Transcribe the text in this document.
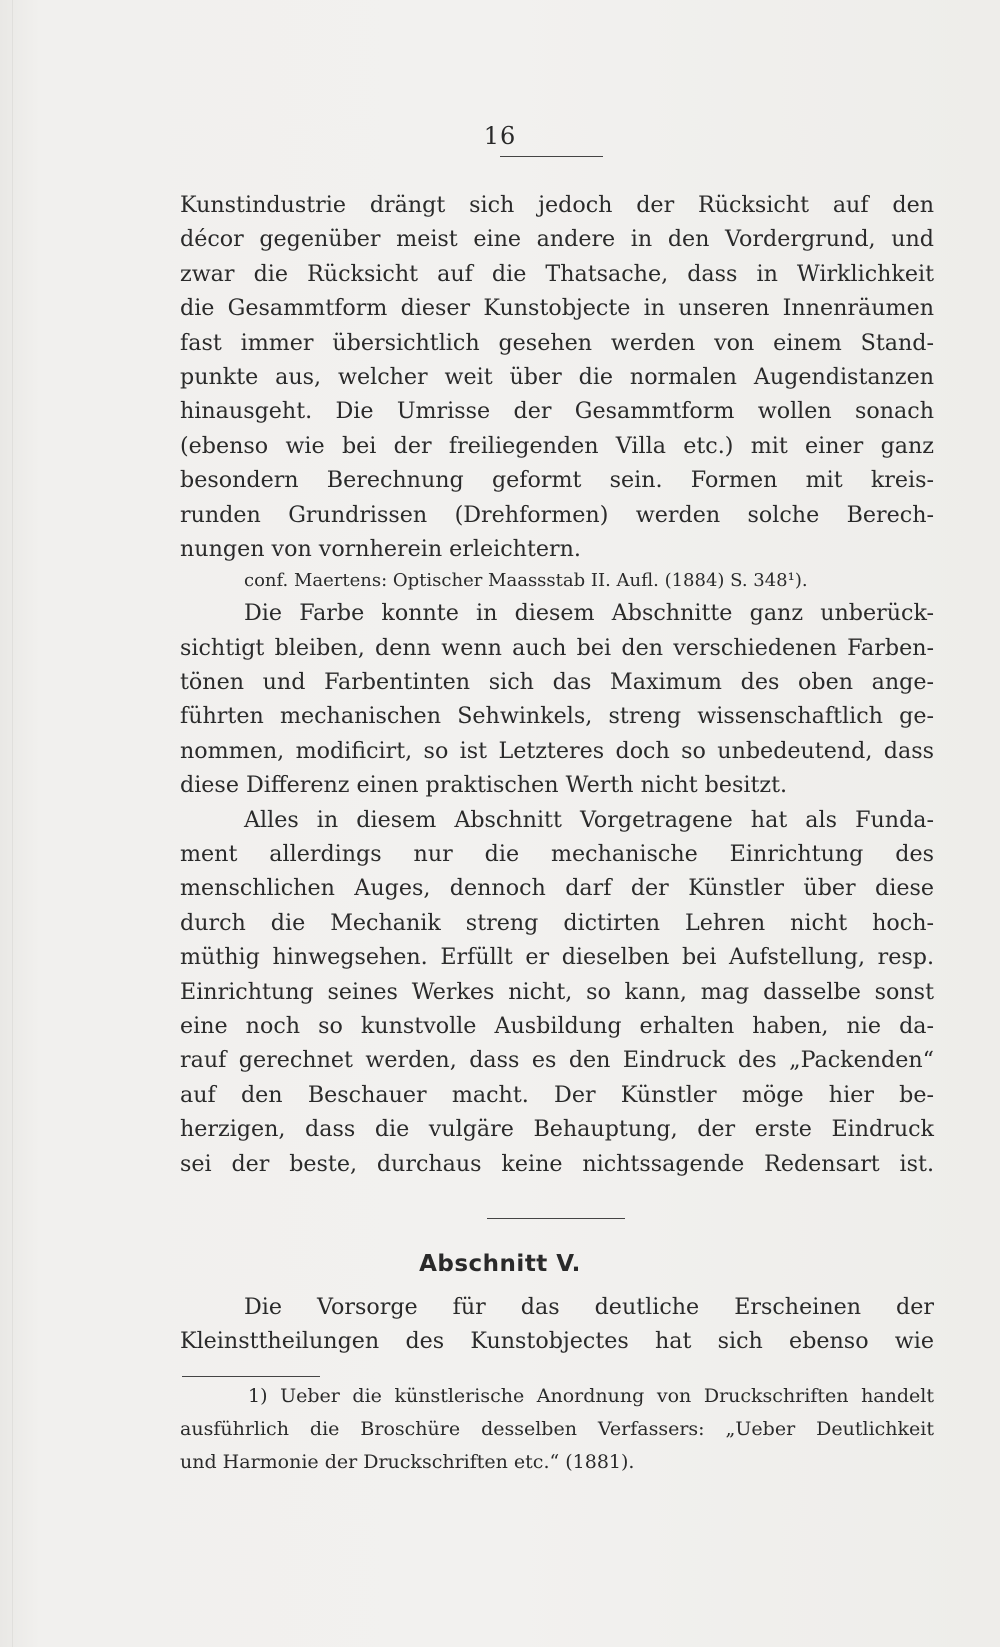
16
Kunstindustrie drängt sich jedoch der Rücksicht auf den
décor gegenüber meist eine andere in den Vordergrund, und
zwar die Rücksicht auf die Thatsache, dass in Wirklichkeit
die Gesammtform dieser Kunstobjecte in unseren Innenräumen
fast immer übersichtlich gesehen werden von einem Stand-
punkte aus, welcher weit über die normalen Augendistanzen
hinausgeht. Die Umrisse der Gesammtform wollen sonach
(ebenso wie bei der freiliegenden Villa etc.) mit einer ganz
besondern Berechnung geformt sein. Formen mit kreis-
runden Grundrissen (Drehformen) werden solche Berech-
nungen von vornherein erleichtern.
conf. Maertens: Optischer Maassstab II. Aufl. (1884) S. 348¹).
Die Farbe konnte in diesem Abschnitte ganz unberück-
sichtigt bleiben, denn wenn auch bei den verschiedenen Farben-
tönen und Farbentinten sich das Maximum des oben ange-
führten mechanischen Sehwinkels, streng wissenschaftlich ge-
nommen, modificirt, so ist Letzteres doch so unbedeutend, dass
diese Differenz einen praktischen Werth nicht besitzt.
Alles in diesem Abschnitt Vorgetragene hat als Funda-
ment allerdings nur die mechanische Einrichtung des
menschlichen Auges, dennoch darf der Künstler über diese
durch die Mechanik streng dictirten Lehren nicht hoch-
müthig hinwegsehen. Erfüllt er dieselben bei Aufstellung, resp.
Einrichtung seines Werkes nicht, so kann, mag dasselbe sonst
eine noch so kunstvolle Ausbildung erhalten haben, nie da-
rauf gerechnet werden, dass es den Eindruck des „Packenden“
auf den Beschauer macht. Der Künstler möge hier be-
herzigen, dass die vulgäre Behauptung, der erste Eindruck
sei der beste, durchaus keine nichtssagende Redensart ist.
Abschnitt V.
Die Vorsorge für das deutliche Erscheinen der
Kleinsttheilungen des Kunstobjectes hat sich ebenso wie
1) Ueber die künstlerische Anordnung von Druckschriften handelt
ausführlich die Broschüre desselben Verfassers: „Ueber Deutlichkeit
und Harmonie der Druckschriften etc.“ (1881).
